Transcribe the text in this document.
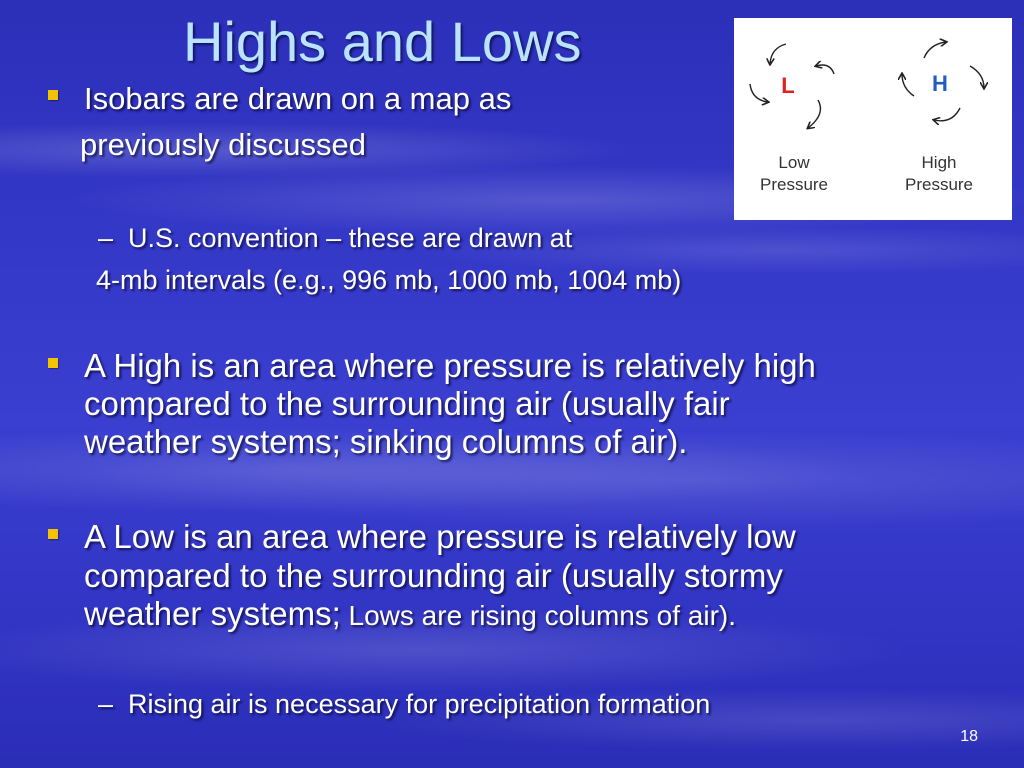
Highs and Lows
Isobars are drawn on a map as
previously discussed
– U.S. convention – these are drawn at
4-mb intervals (e.g., 996 mb, 1000 mb, 1004 mb)
A High is an area where pressure is relatively high
compared to the surrounding air (usually fair
weather systems; sinking columns of air).
A Low is an area where pressure is relatively low
compared to the surrounding air (usually stormy
weather systems; Lows are rising columns of air).
– Rising air is necessary for precipitation formation
L
Low
Pressure
H
High
Pressure
18
